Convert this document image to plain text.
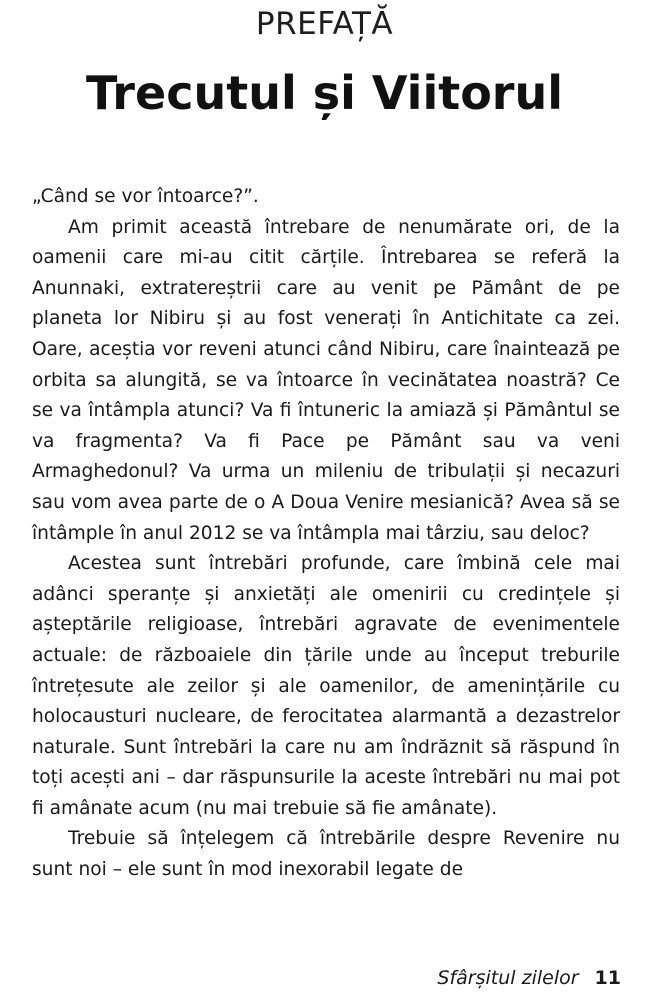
PREFAȚĂ
Trecutul și Viitorul

„Când se vor întoarce?”.

Am primit această întrebare de nenumărate ori, de la oamenii care mi-au citit cărțile. Întrebarea se referă la Anunnaki, extratereștrii care au venit pe Pământ de pe planeta lor Nibiru și au fost venerați în Antichitate ca zei. Oare, aceștia vor reveni atunci când Nibiru, care înaintează pe orbita sa alungită, se va întoarce în vecinătatea noastră? Ce se va întâmpla atunci? Va fi întuneric la amiază și Pământul se va fragmenta? Va fi Pace pe Pământ sau va veni Armaghedonul? Va urma un mileniu de tribulații și necazuri sau vom avea parte de o A Doua Venire mesianică? Avea să se întâmple în anul 2012 se va întâmpla mai târziu, sau deloc?

Acestea sunt întrebări profunde, care îmbină cele mai adânci speranțe și anxietăți ale omenirii cu credințele și așteptările religioase, întrebări agravate de evenimentele actuale: de războaiele din țările unde au început treburile întrețesute ale zeilor și ale oamenilor, de amenințările cu holocausturi nucleare, de ferocitatea alarmantă a dezastrelor naturale. Sunt întrebări la care nu am îndrăznit să răspund în toți acești ani – dar răspunsurile la aceste întrebări nu mai pot fi amânate acum (nu mai trebuie să fie amânate).

Trebuie să înțelegem că întrebările despre Revenire nu sunt noi – ele sunt în mod inexorabil legate de

Sfârșitul zilelor 11
